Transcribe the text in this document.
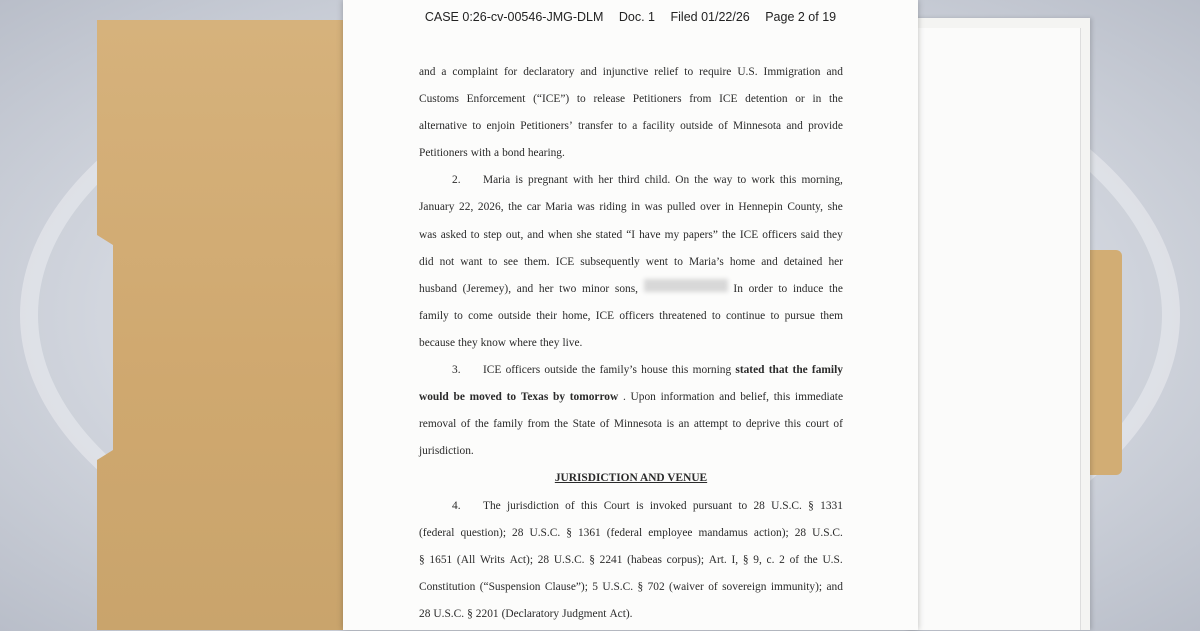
CASE 0:26-cv-00546-JMG-DLM Doc. 1 Filed 01/22/26 Page 2 of 19
and a complaint for declaratory and injunctive relief to require U.S. Immigration and
Customs Enforcement (“ICE”) to release Petitioners from ICE detention or in the
alternative to enjoin Petitioners’ transfer to a facility outside of Minnesota and provide
Petitioners with a bond hearing.
2. Maria is pregnant with her third child. On the way to work this morning,
January 22, 2026, the car Maria was riding in was pulled over in Hennepin County, she
was asked to step out, and when she stated “I have my papers” the ICE officers said they
did not want to see them. ICE subsequently went to Maria’s home and detained her
husband (Jeremey), and her two minor sons,	In order to induce the
family to come outside their home, ICE officers threatened to continue to pursue them
because they know where they live.
3. ICE officers outside the family’s house this morning stated that the family
would be moved to Texas by tomorrow . Upon information and belief, this immediate
removal of the family from the State of Minnesota is an attempt to deprive this court of
jurisdiction.
JURISDICTION AND VENUE
4. The jurisdiction of this Court is invoked pursuant to 28 U.S.C. § 1331
(federal question); 28 U.S.C. § 1361 (federal employee mandamus action); 28 U.S.C.
§ 1651 (All Writs Act); 28 U.S.C. § 2241 (habeas corpus); Art. I, § 9, c. 2 of the U.S.
Constitution (“Suspension Clause”); 5 U.S.C. § 702 (waiver of sovereign immunity); and
28 U.S.C. § 2201 (Declaratory Judgment Act).
